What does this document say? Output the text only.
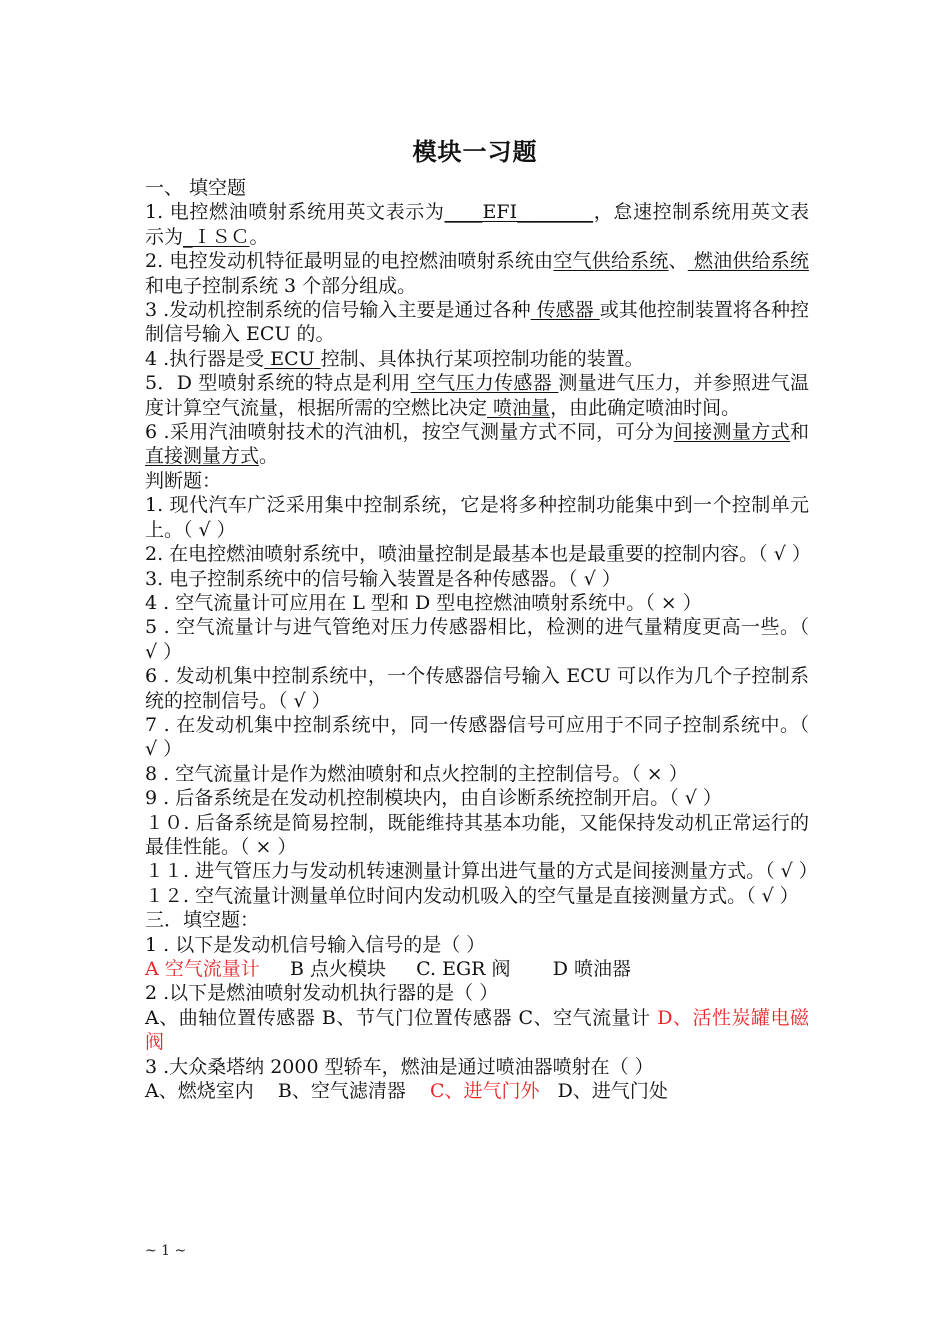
模块一习题

一、 填空题

1. 电控燃油喷射系统用英文表示为____EFI________，怠速控制系统用英文表示为_ＩＳＣ。

2. 电控发动机特征最明显的电控燃油喷射系统由空气供给系统、 燃油供给系统 和电子控制系统 3 个部分组成。

3 .发动机控制系统的信号输入主要是通过各种 传感器 或其他控制装置将各种控制信号输入 ECU 的。

4 .执行器是受 ECU 控制、具体执行某项控制功能的装置。

5．D 型喷射系统的特点是利用 空气压力传感器 测量进气压力，并参照进气温度计算空气流量，根据所需的空燃比决定 喷油量，由此确定喷油时间。

6 .采用汽油喷射技术的汽油机，按空气测量方式不同，可分为间接测量方式和直接测量方式。

判断题：

1. 现代汽车广泛采用集中控制系统，它是将多种控制功能集中到一个控制单元上。（ √ ）

2. 在电控燃油喷射系统中，喷油量控制是最基本也是最重要的控制内容。（ √ ）

3. 电子控制系统中的信号输入装置是各种传感器。（ √ ）

4 . 空气流量计可应用在 L 型和 D 型电控燃油喷射系统中。（ × ）

5 . 空气流量计与进气管绝对压力传感器相比，检测的进气量精度更高一些。（ √ ）

6 . 发动机集中控制系统中，一个传感器信号输入 ECU 可以作为几个子控制系统的控制信号。（ √ ）

7 . 在发动机集中控制系统中，同一传感器信号可应用于不同子控制系统中。（ √ ）

8 . 空气流量计是作为燃油喷射和点火控制的主控制信号。（ × ）

9 . 后备系统是在发动机控制模块内，由自诊断系统控制开启。（ √ ）

１０. 后备系统是简易控制，既能维持其基本功能，又能保持发动机正常运行的最佳性能。（ × ）

１１. 进气管压力与发动机转速测量计算出进气量的方式是间接测量方式。（ √ ）

１２. 空气流量计测量单位时间内发动机吸入的空气量是直接测量方式。（ √ ）

三．填空题：

1 . 以下是发动机信号输入信号的是（ ）

A 空气流量计     B 点火模块     C. EGR 阀       D 喷油器

2 .以下是燃油喷射发动机执行器的是（ ）

A、曲轴位置传感器 B、节气门位置传感器 C、空气流量计 D、活性炭罐电磁阀

3 .大众桑塔纳 2000 型轿车，燃油是通过喷油器喷射在（ ）

A、燃烧室内    B、空气滤清器    C、进气门外   D、进气门处

~ 1 ~
